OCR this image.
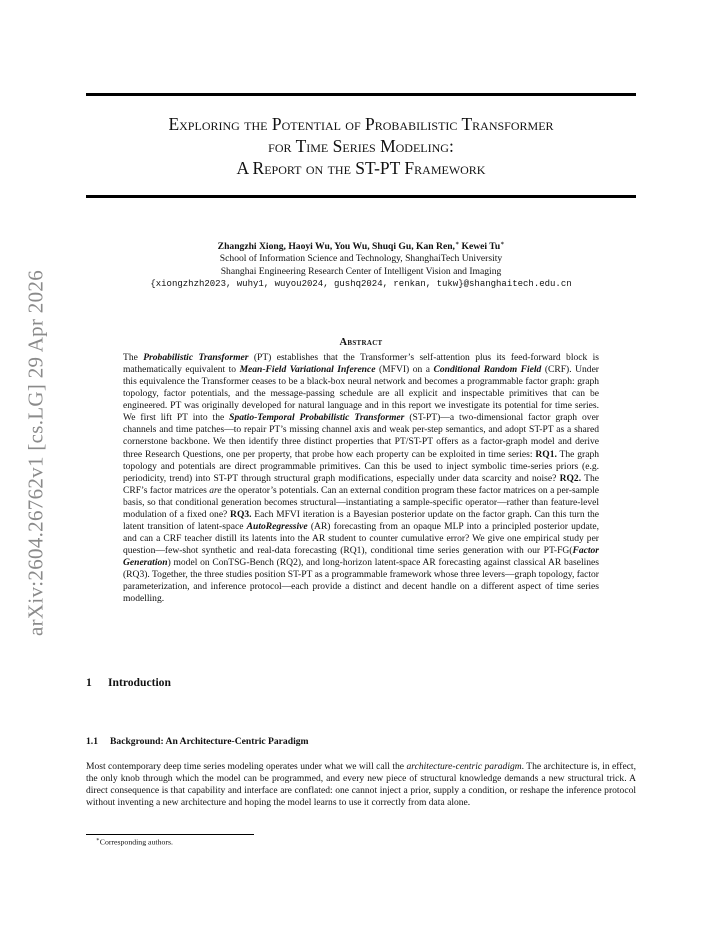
arXiv:2604.26762v1 [cs.LG] 29 Apr 2026
Exploring the Potential of Probabilistic Transformer
for Time Series Modeling:
A Report on the ST-PT Framework
Zhangzhi Xiong, Haoyi Wu, You Wu, Shuqi Gu, Kan Ren,∗ Kewei Tu∗
School of Information Science and Technology, ShanghaiTech University
Shanghai Engineering Research Center of Intelligent Vision and Imaging
{xiongzhzh2023, wuhy1, wuyou2024, gushq2024, renkan, tukw}@shanghaitech.edu.cn
Abstract
The Probabilistic Transformer (PT) establishes that the Transformer’s self-attention plus its feed-forward block is mathematically equivalent to Mean-Field Variational Inference (MFVI) on a Conditional Random Field (CRF). Under this equivalence the Transformer ceases to be a black-box neural network and becomes a programmable factor graph: graph topology, factor potentials, and the message-passing schedule are all explicit and inspectable primitives that can be engineered. PT was originally developed for natural language and in this report we investigate its potential for time series. We first lift PT into the Spatio-Temporal Probabilistic Transformer (ST-PT)—a two-dimensional factor graph over channels and time patches—to repair PT’s missing channel axis and weak per-step semantics, and adopt ST-PT as a shared cornerstone backbone. We then identify three distinct properties that PT/ST-PT offers as a factor-graph model and derive three Research Questions, one per property, that probe how each property can be exploited in time series: RQ1. The graph topology and potentials are direct programmable primitives. Can this be used to inject symbolic time-series priors (e.g. periodicity, trend) into ST-PT through structural graph modifications, especially under data scarcity and noise? RQ2. The CRF’s factor matrices are the operator’s potentials. Can an external condition program these factor matrices on a per-sample basis, so that conditional generation becomes structural—instantiating a sample-specific operator—rather than feature-level modulation of a fixed one? RQ3. Each MFVI iteration is a Bayesian posterior update on the factor graph. Can this turn the latent transition of latent-space AutoRegressive (AR) forecasting from an opaque MLP into a principled posterior update, and can a CRF teacher distill its latents into the AR student to counter cumulative error? We give one empirical study per question—few-shot synthetic and real-data forecasting (RQ1), conditional time series generation with our PT-FG(Factor Generation) model on ConTSG-Bench (RQ2), and long-horizon latent-space AR forecasting against classical AR baselines (RQ3). Together, the three studies position ST-PT as a programmable framework whose three levers—graph topology, factor parameterization, and inference protocol—each provide a distinct and decent handle on a different aspect of time series modelling.
1 Introduction
1.1 Background: An Architecture-Centric Paradigm
Most contemporary deep time series modeling operates under what we will call the architecture-centric paradigm. The architecture is, in effect, the only knob through which the model can be programmed, and every new piece of structural knowledge demands a new structural trick. A direct consequence is that capability and interface are conflated: one cannot inject a prior, supply a condition, or reshape the inference protocol without inventing a new architecture and hoping the model learns to use it correctly from data alone.
∗Corresponding authors.
